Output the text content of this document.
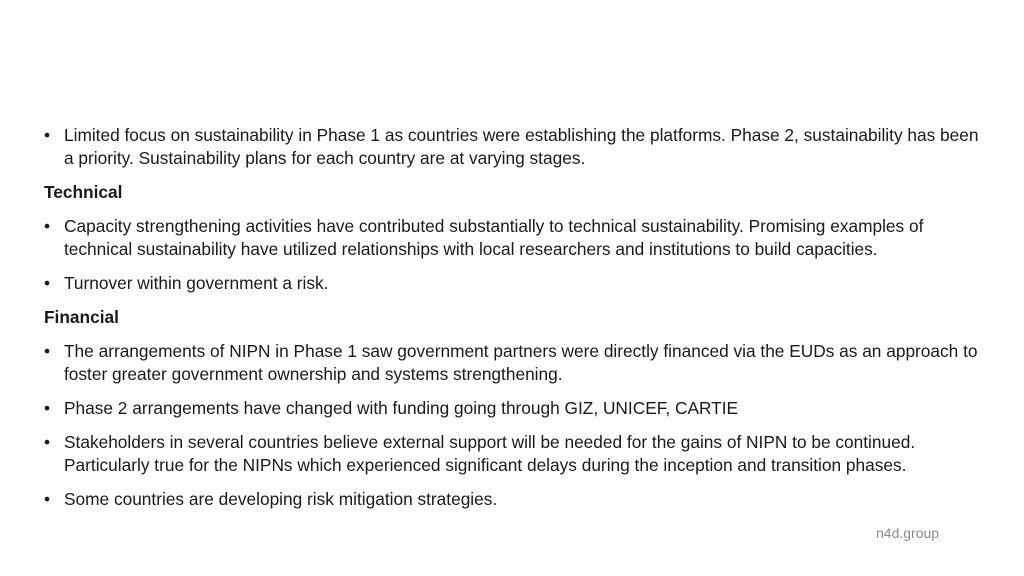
• Limited focus on sustainability in Phase 1 as countries were establishing the platforms. Phase 2, sustainability has been a priority. Sustainability plans for each country are at varying stages.
Technical
• Capacity strengthening activities have contributed substantially to technical sustainability. Promising examples of technical sustainability have utilized relationships with local researchers and institutions to build capacities.
• Turnover within government a risk.
Financial
• The arrangements of NIPN in Phase 1 saw government partners were directly financed via the EUDs as an approach to foster greater government ownership and systems strengthening.
• Phase 2 arrangements have changed with funding going through GIZ, UNICEF, CARTIE
• Stakeholders in several countries believe external support will be needed for the gains of NIPN to be continued. Particularly true for the NIPNs which experienced significant delays during the inception and transition phases.
• Some countries are developing risk mitigation strategies.
n4d.group
